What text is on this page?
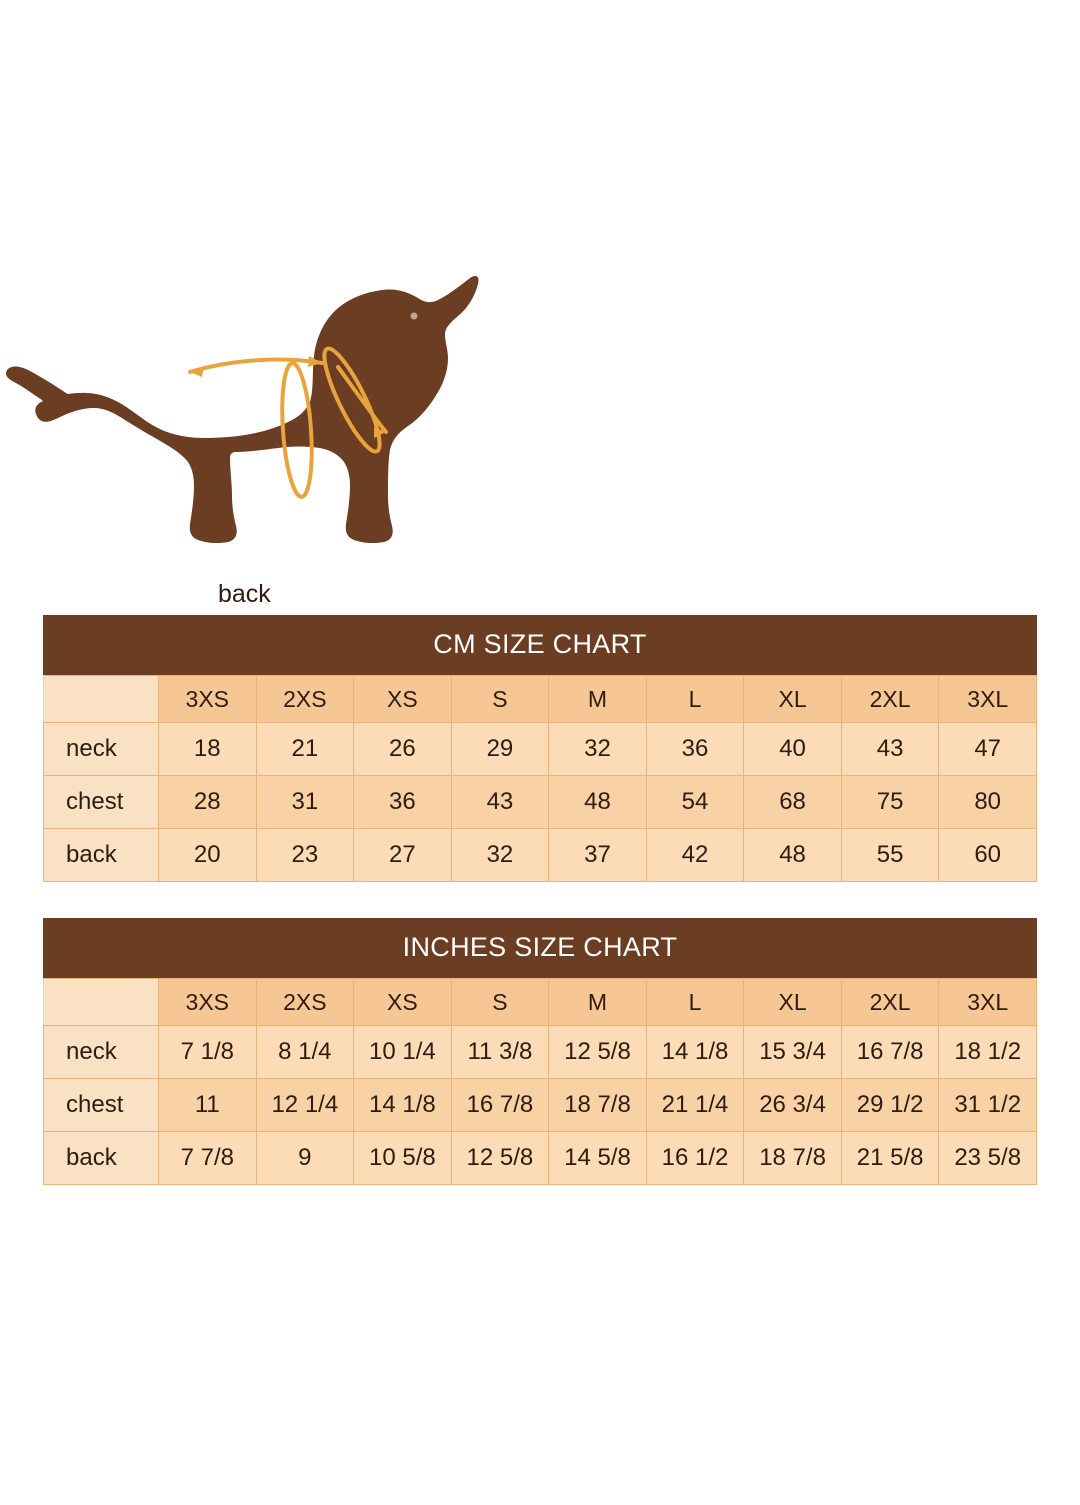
back
CM SIZE CHART
	3XS	2XS	XS	S	M	L	XL	2XL	3XL
neck	18	21	26	29	32	36	40	43	47
chest	28	31	36	43	48	54	68	75	80
back	20	23	27	32	37	42	48	55	60
INCHES SIZE CHART
	3XS	2XS	XS	S	M	L	XL	2XL	3XL
neck	7 1/8	8 1/4	10 1/4	11 3/8	12 5/8	14 1/8	15 3/4	16 7/8	18 1/2
chest	11	12 1/4	14 1/8	16 7/8	18 7/8	21 1/4	26 3/4	29 1/2	31 1/2
back	7 7/8	9	10 5/8	12 5/8	14 5/8	16 1/2	18 7/8	21 5/8	23 5/8
